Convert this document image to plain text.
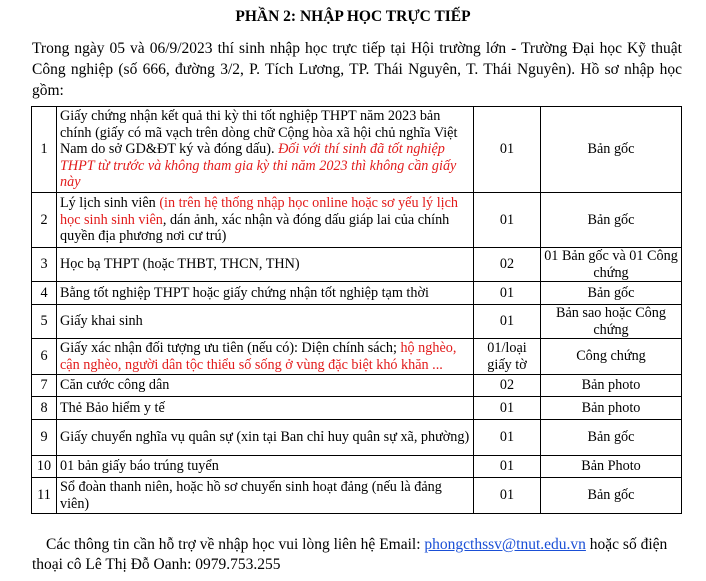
PHẦN 2: NHẬP HỌC TRỰC TIẾP
Trong ngày 05 và 06/9/2023 thí sinh nhập học trực tiếp tại Hội trường lớn - Trường Đại học Kỹ thuật Công nghiệp (số 666, đường 3/2, P. Tích Lương, TP. Thái Nguyên, T. Thái Nguyên). Hồ sơ nhập học gồm:
1	Giấy chứng nhận kết quả thi kỳ thi tốt nghiệp THPT năm 2023 bản chính (giấy có mã vạch trên dòng chữ Cộng hòa xã hội chủ nghĩa Việt Nam do sở GD&ĐT ký và đóng dấu). Đối với thí sinh đã tốt nghiệp THPT từ trước và không tham gia kỳ thi năm 2023 thì không cần giấy này	01	Bản gốc
2	Lý lịch sinh viên (in trên hệ thống nhập học online hoặc sơ yếu lý lịch học sinh sinh viên, dán ảnh, xác nhận và đóng dấu giáp lai của chính quyền địa phương nơi cư trú)	01	Bản gốc
3	Học bạ THPT (hoặc THBT, THCN, THN)	02	01 Bản gốc và 01 Công chứng
4	Bằng tốt nghiệp THPT hoặc giấy chứng nhận tốt nghiệp tạm thời	01	Bản gốc
5	Giấy khai sinh	01	Bản sao hoặc Công chứng
6	Giấy xác nhận đối tượng ưu tiên (nếu có): Diện chính sách; hộ nghèo, cận nghèo, người dân tộc thiểu số sống ở vùng đặc biệt khó khăn ...	01/loại giấy tờ	Công chứng
7	Căn cước công dân	02	Bản photo
8	Thẻ Bảo hiểm y tế	01	Bản photo
9	Giấy chuyển nghĩa vụ quân sự (xin tại Ban chỉ huy quân sự xã, phường)	01	Bản gốc
10	01 bản giấy báo trúng tuyển	01	Bản Photo
11	Sổ đoàn thanh niên, hoặc hồ sơ chuyển sinh hoạt đảng (nếu là đảng viên)	01	Bản gốc
Các thông tin cần hỗ trợ về nhập học vui lòng liên hệ Email: phongcthssv@tnut.edu.vn hoặc số điện thoại cô Lê Thị Đỗ Oanh: 0979.753.255
